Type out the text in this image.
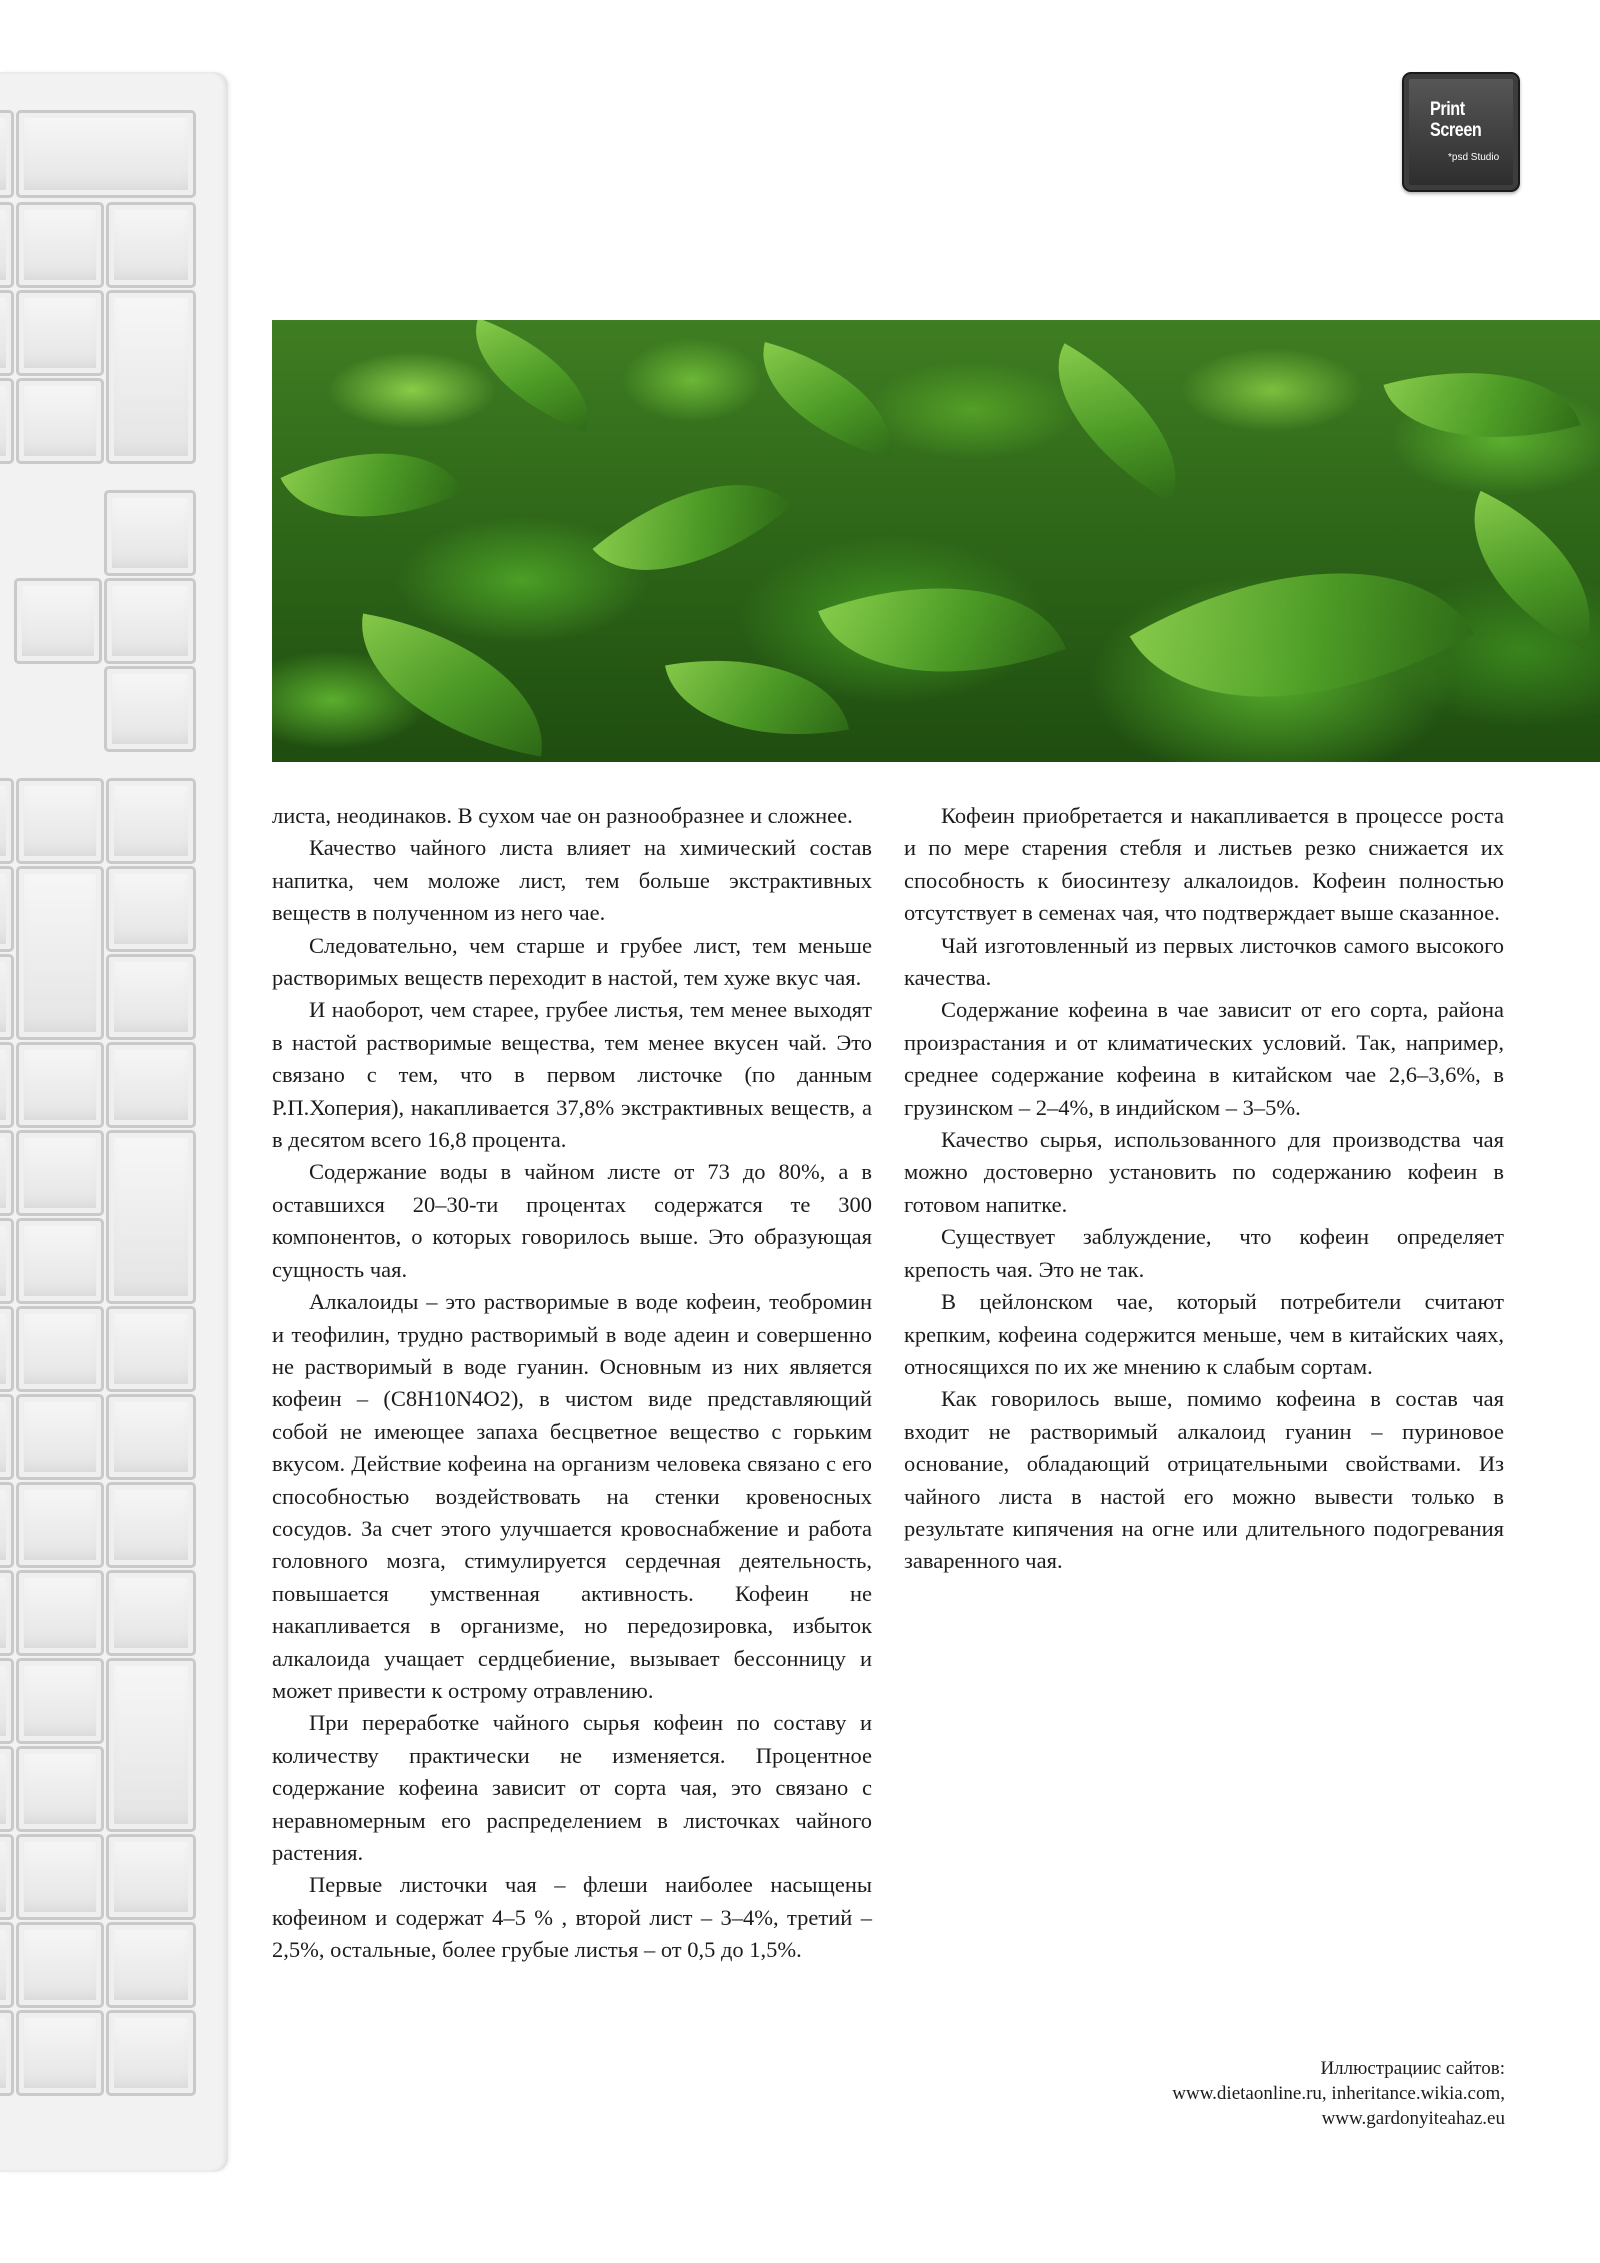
Print
Screen
*psd Studio

листа, неодинаков. В сухом чае он разнообразнее и сложнее.

Качество чайного листа влияет на химический состав напитка, чем моложе лист, тем больше экстрактивных веществ в полученном из него чае.

Следовательно, чем старше и грубее лист, тем меньше растворимых веществ переходит в настой, тем хуже вкус чая.

И наоборот, чем старее, грубее листья, тем менее выходят в настой растворимые вещества, тем менее вкусен чай. Это связано с тем, что в первом листочке (по данным Р.П.Хоперия), накапливается 37,8% экстрактивных веществ, а в десятом всего 16,8 процента.

Содержание воды в чайном листе от 73 до 80%, а в оставшихся 20–30-ти процентах содержатся те 300 компонентов, о которых говорилось выше. Это образующая сущность чая.

Алкалоиды – это растворимые в воде кофеин, теобромин и теофилин, трудно растворимый в воде адеин и совершенно не растворимый в воде гуанин. Основным из них является кофеин – (C8H10N4O2), в чистом виде представляющий собой не имеющее запаха бесцветное вещество с горьким вкусом. Действие кофеина на организм человека связано с его способностью воздействовать на стенки кровеносных сосудов. За счет этого улучшается кровоснабжение и работа головного мозга, стимулируется сердечная деятельность, повышается умственная активность. Кофеин не накапливается в организме, но передозировка, избыток алкалоида учащает сердцебиение, вызывает бессонницу и может привести к острому отравлению.

При переработке чайного сырья кофеин по составу и количеству практически не изменяется. Процентное содержание кофеина зависит от сорта чая, это связано с неравномерным его распределением в листочках чайного растения.

Первые листочки чая – флеши наиболее насыщены кофеином и содержат 4–5 % , второй лист – 3–4%, третий – 2,5%, остальные, более грубые листья – от 0,5 до 1,5%.

Кофеин приобретается и накапливается в процессе роста и по мере старения стебля и листьев резко снижается их способность к биосинтезу алкалоидов. Кофеин полностью отсутствует в семенах чая, что подтверждает выше сказанное.

Чай изготовленный из первых листочков самого высокого качества.

Содержание кофеина в чае зависит от его сорта, района произрастания и от климатических условий. Так, например, среднее содержание кофеина в китайском чае 2,6–3,6%, в грузинском – 2–4%, в индийском – 3–5%.

Качество сырья, использованного для производства чая можно достоверно установить по содержанию кофеин в готовом напитке.

Существует заблуждение, что кофеин определяет крепость чая. Это не так.

В цейлонском чае, который потребители считают крепким, кофеина содержится меньше, чем в китайских чаях, относящихся по их же мнению к слабым сортам.

Как говорилось выше, помимо кофеина в состав чая входит не растворимый алкалоид гуанин – пуриновое основание, обладающий отрицательными свойствами. Из чайного листа в настой его можно вывести только в результате кипячения на огне или длительного подогревания заваренного чая.

Иллюстрациис сайтов:
www.dietaonline.ru, inheritance.wikia.com,
www.gardonyiteahaz.eu
